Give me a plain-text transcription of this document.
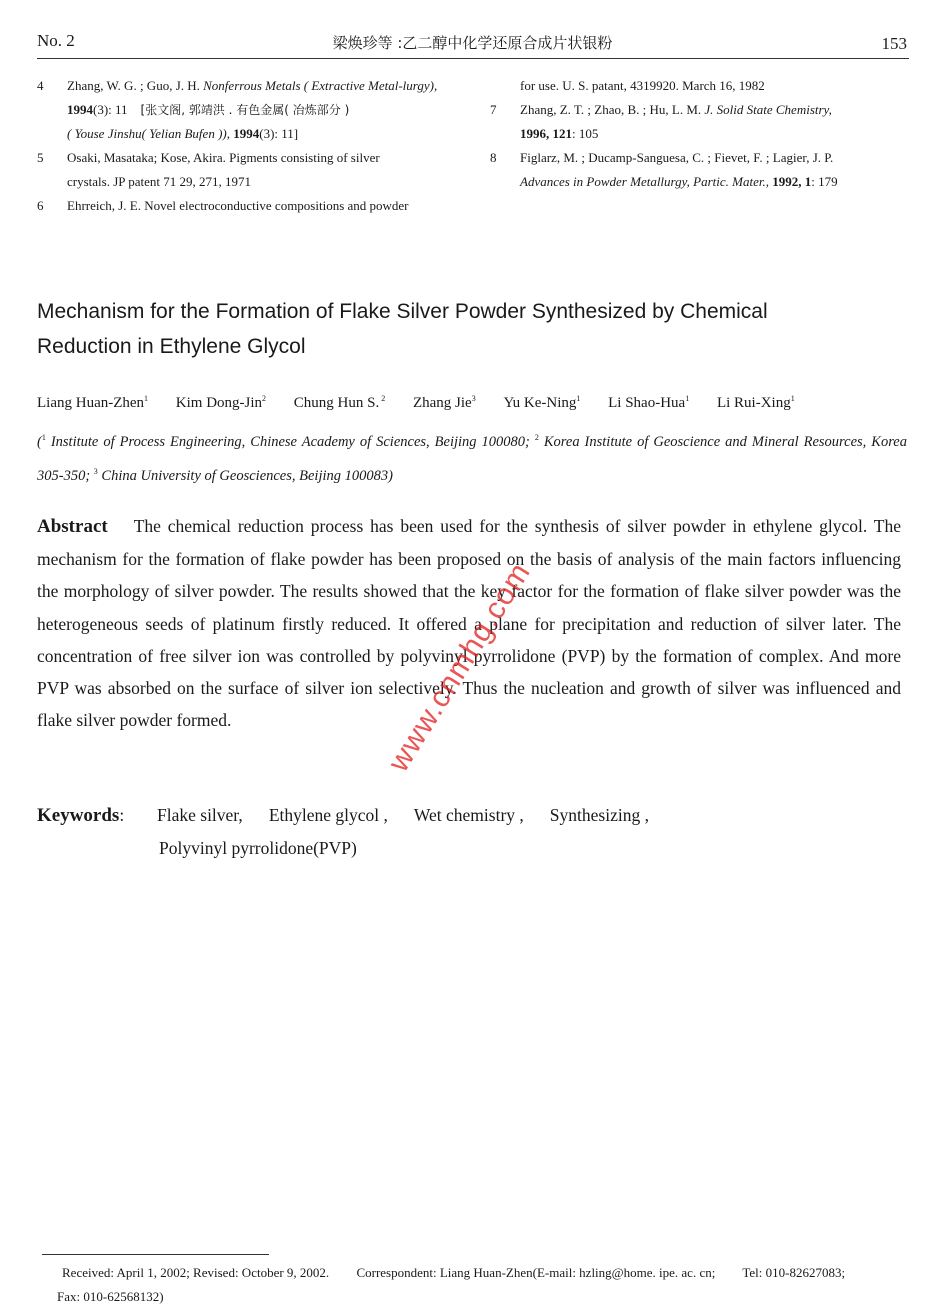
No. 2	梁焕珍等 :乙二醇中化学还原合成片状银粉	153
4 Zhang, W. G. ; Guo, J. H. Nonferrous Metals ( Extractive Metal-lurgy), 1994(3): 11　[张文阁, 郭靖洪 . 有色金属( 冶炼部分 )
( Youse Jinshu( Yelian Bufen )), 1994(3): 11]
5 Osaki, Masataka; Kose, Akira. Pigments consisting of silver
crystals. JP patent 71 29, 271, 1971
6 Ehrreich, J. E. Novel electroconductive compositions and powder
for use. U. S. patant, 4319920. March 16, 1982
7 Zhang, Z. T. ; Zhao, B. ; Hu, L. M. J. Solid State Chemistry,
1996, 121: 105
8 Figlarz, M. ; Ducamp-Sanguesa, C. ; Fievet, F. ; Lagier, J. P.
Advances in Powder Metallurgy, Partic. Mater., 1992, 1: 179
Mechanism for the Formation of Flake Silver Powder Synthesized by Chemical
Reduction in Ethylene Glycol
Liang Huan-Zhen$^1$ Kim Dong-Jin$^2$ Chung Hun S. $^2$ Zhang Jie$^3$ Yu Ke-Ning$^1$ Li Shao-Hua$^1$ Li Rui-Xing$^1$
($^1$ Institute of Process Engineering, Chinese Academy of Sciences, Beijing 100080; $^2$ Korea Institute of Geoscience and Mineral Resources, Korea 305-350; $^3$ China University of Geosciences, Beijing 100083)
Abstract The chemical reduction process has been used for the synthesis of silver powder in ethylene glycol. The mechanism for the formation of flake powder has been proposed on the basis of analysis of the main factors influencing the morphology of silver powder. The results showed that the key factor for the formation of flake silver powder was the heterogeneous seeds of platinum firstly reduced. It offered a plane for precipitation and reduction of silver later. The concentration of free silver ion was controlled by polyvinyl pyrrolidone (PVP) by the formation of complex. And more PVP was absorbed on the surface of silver ion selectively. Thus the nucleation and growth of silver was influenced and flake silver powder formed.
Keywords:	Flake silver, Ethylene glycol , Wet chemistry , Synthesizing ,
Polyvinyl pyrrolidone(PVP)
www.cnmhg.com
Received: April 1, 2002; Revised: October 9, 2002. Correspondent: Liang Huan-Zhen(E-mail: hzling@home. ipe. ac. cn; Tel: 010-82627083;
Fax: 010-62568132)
